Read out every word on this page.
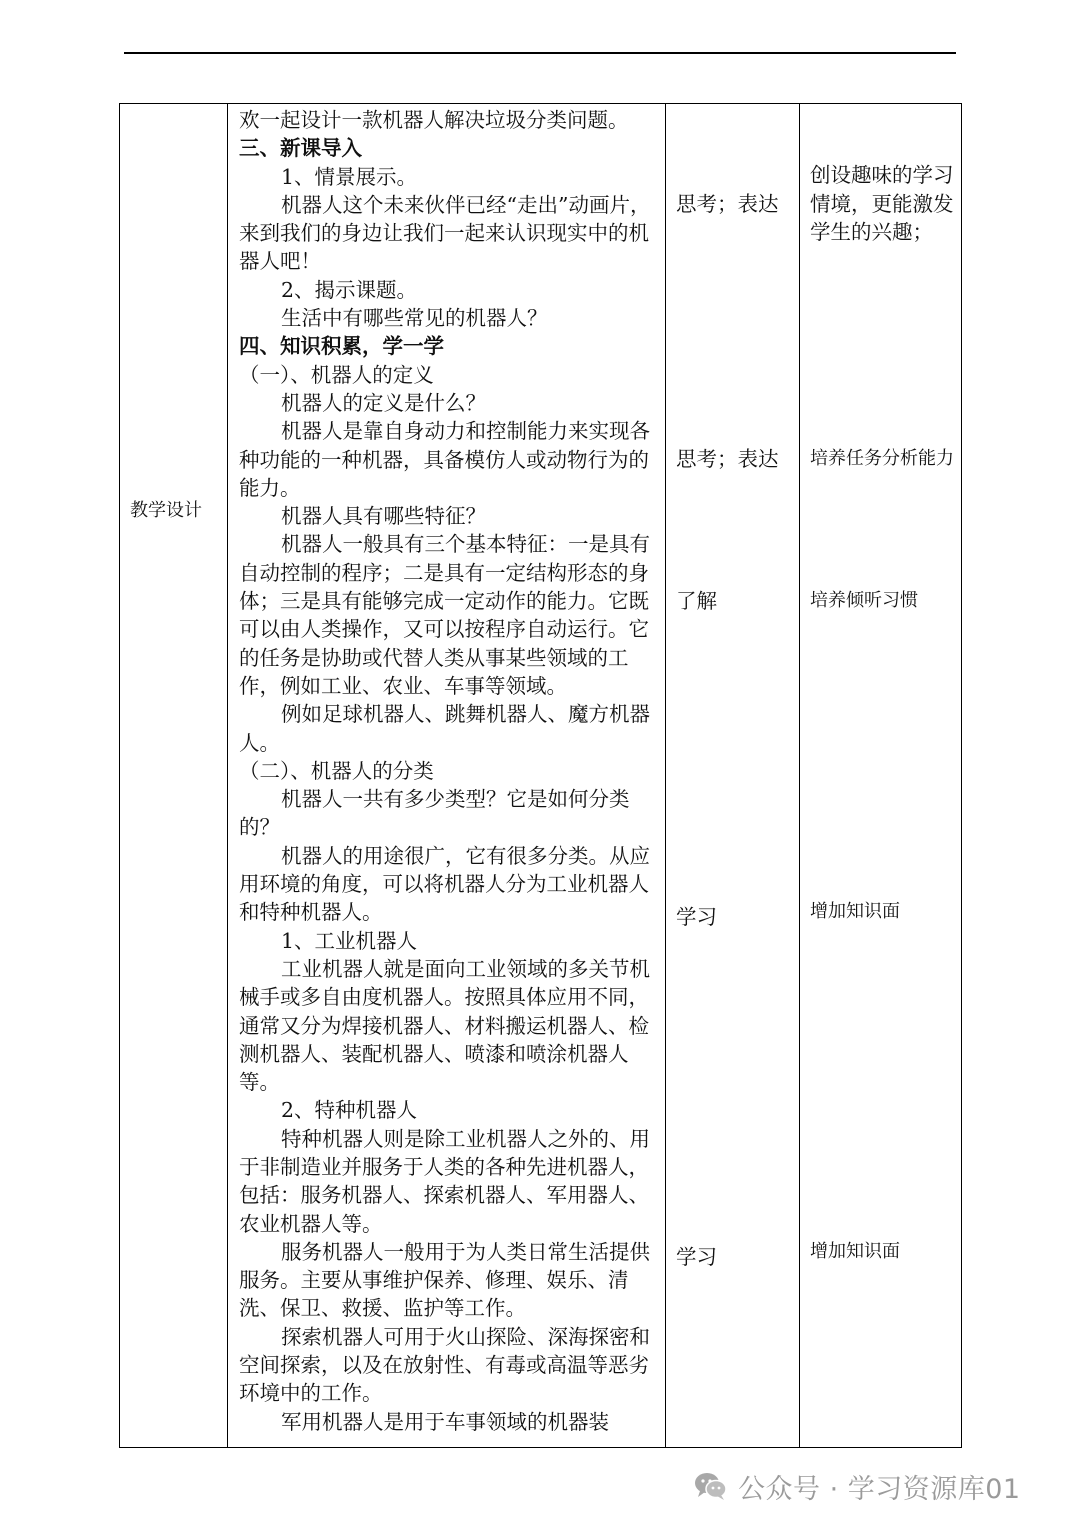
教学设计

欢一起设计一款机器人解决垃圾分类问题。

三、新课导入

1、情景展示。

机器人这个未来伙伴已经“走出”动画片，来到我们的身边让我们一起来认识现实中的机器人吧！

2、揭示课题。

生活中有哪些常见的机器人？

四、知识积累，学一学

（一）、机器人的定义

机器人的定义是什么？

机器人是靠自身动力和控制能力来实现各种功能的一种机器，具备模仿人或动物行为的能力。

机器人具有哪些特征？

机器人一般具有三个基本特征：一是具有自动控制的程序；二是具有一定结构形态的身体；三是具有能够完成一定动作的能力。它既可以由人类操作，又可以按程序自动运行。它的任务是协助或代替人类从事某些领域的工作，例如工业、农业、车事等领域。

例如足球机器人、跳舞机器人、魔方机器人。

（二）、机器人的分类

机器人一共有多少类型？它是如何分类的？

机器人的用途很广，它有很多分类。从应用环境的角度，可以将机器人分为工业机器人和特种机器人。

1、工业机器人

工业机器人就是面向工业领域的多关节机械手或多自由度机器人。按照具体应用不同，通常又分为焊接机器人、材料搬运机器人、检测机器人、装配机器人、喷漆和喷涂机器人等。

2、特种机器人

特种机器人则是除工业机器人之外的、用于非制造业并服务于人类的各种先进机器人，包括：服务机器人、探索机器人、军用器人、农业机器人等。

服务机器人一般用于为人类日常生活提供服务。主要从事维护保养、修理、娱乐、清洗、保卫、救援、监护等工作。

探索机器人可用于火山探险、深海探密和空间探索，以及在放射性、有毒或高温等恶劣环境中的工作。

军用机器人是用于车事领域的机器装

思考；表达
思考；表达
了解
学习
学习
创设趣味的学习情境，更能激发学生的兴趣；
培养任务分析能力
培养倾听习惯
增加知识面
增加知识面
公众号 · 学习资源库01
